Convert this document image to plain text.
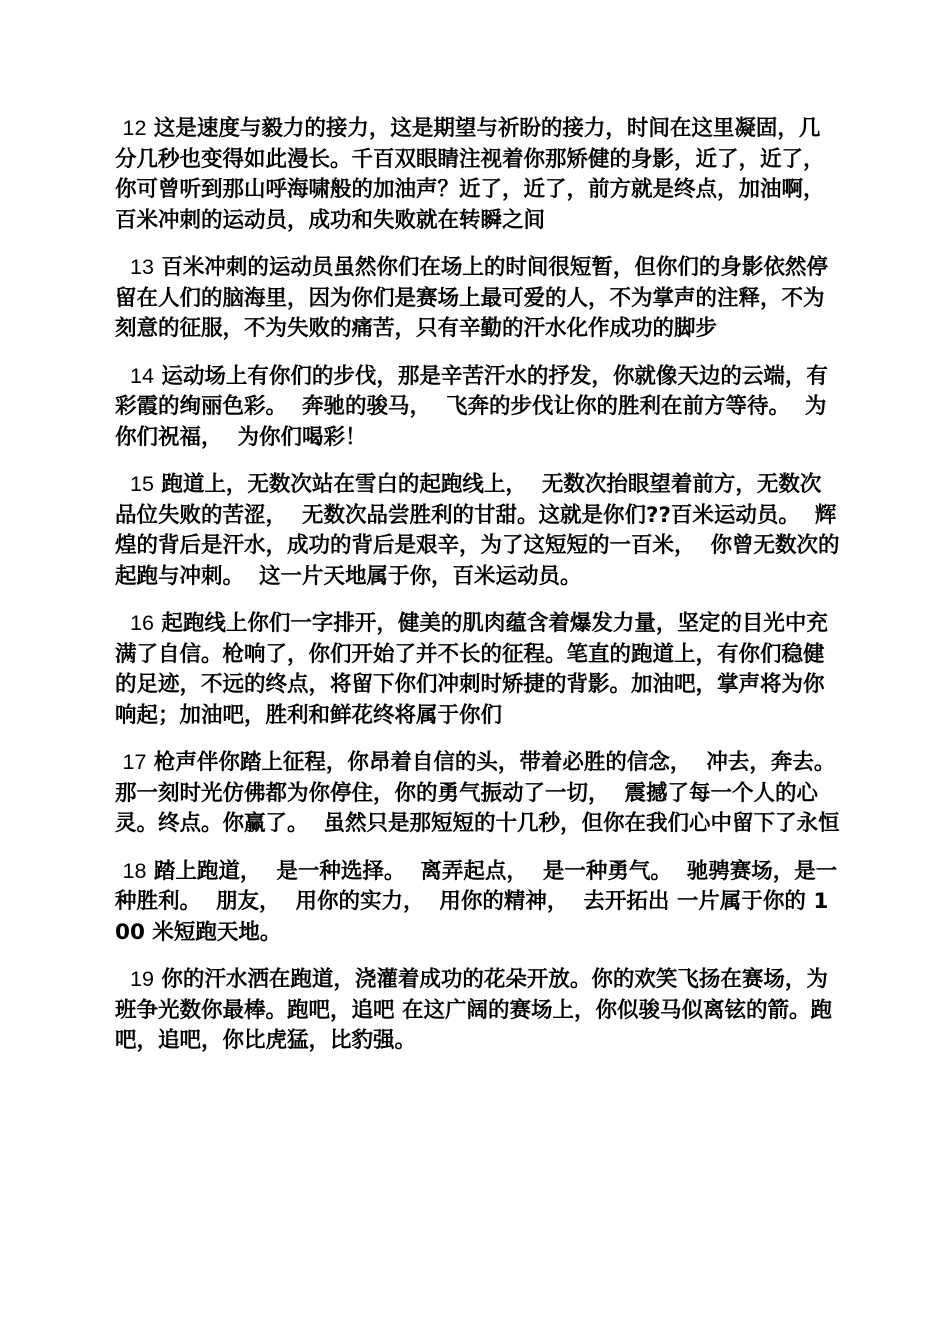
12 这是速度与毅力的接力，这是期望与祈盼的接力，时间在这里凝固，几分几秒也变得如此漫长。千百双眼睛注视着你那矫健的身影，近了，近了，你可曾听到那山呼海啸般的加油声？近了，近了，前方就是终点，加油啊，百米冲刺的运动员，成功和失败就在转瞬之间

13 百米冲刺的运动员虽然你们在场上的时间很短暂，但你们的身影依然停留在人们的脑海里，因为你们是赛场上最可爱的人，不为掌声的注释，不为刻意的征服，不为失败的痛苦，只有辛勤的汗水化作成功的脚步

14 运动场上有你们的步伐，那是辛苦汗水的抒发，你就像天边的云端，有彩霞的绚丽色彩。  奔驰的骏马，  飞奔的步伐让你的胜利在前方等待。  为你们祝福，  为你们喝彩！

15 跑道上，无数次站在雪白的起跑线上，  无数次抬眼望着前方，无数次品位失败的苦涩，  无数次品尝胜利的甘甜。这就是你们??百米运动员。  辉煌的背后是汗水，成功的背后是艰辛，为了这短短的一百米，  你曾无数次的起跑与冲刺。  这一片天地属于你，百米运动员。

16 起跑线上你们一字排开，健美的肌肉蕴含着爆发力量，坚定的目光中充满了自信。枪响了，你们开始了并不长的征程。笔直的跑道上，有你们稳健的足迹，不远的终点，将留下你们冲刺时矫捷的背影。加油吧，掌声将为你响起；加油吧，胜利和鲜花终将属于你们

17 枪声伴你踏上征程，你昂着自信的头，带着必胜的信念，  冲去，奔去。  那一刻时光仿佛都为你停住，你的勇气振动了一切，  震撼了每一个人的心灵。终点。你赢了。  虽然只是那短短的十几秒，但你在我们心中留下了永恒

18 踏上跑道，  是一种选择。  离弄起点，  是一种勇气。  驰骋赛场，是一种胜利。  朋友，  用你的实力，  用你的精神，  去开拓出 一片属于你的 100 米短跑天地。

19 你的汗水洒在跑道，浇灌着成功的花朵开放。你的欢笑飞扬在赛场，为班争光数你最棒。跑吧，追吧 在这广阔的赛场上，你似骏马似离铉的箭。跑吧，追吧，你比虎猛，比豹强。
